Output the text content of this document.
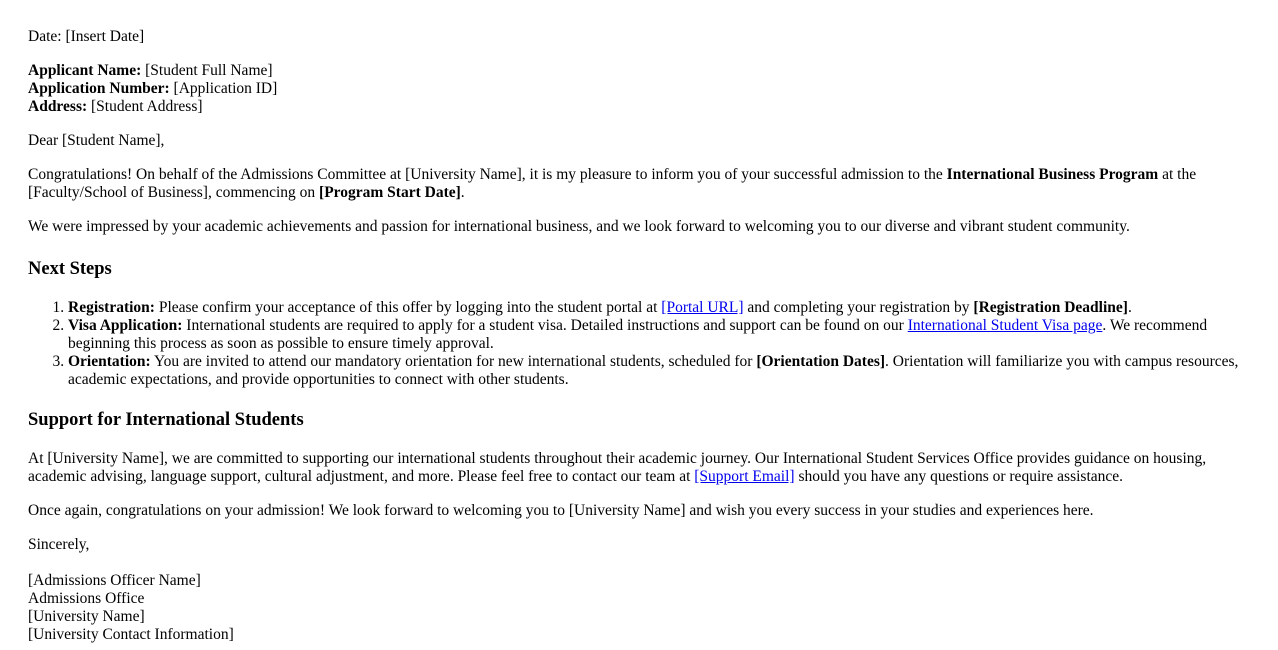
Date: [Insert Date]

Applicant Name: [Student Full Name]
Application Number: [Application ID]
Address: [Student Address]

Dear [Student Name],

Congratulations! On behalf of the Admissions Committee at [University Name], it is my pleasure to inform you of your successful admission to the International Business Program at the [Faculty/School of Business], commencing on [Program Start Date].

We were impressed by your academic achievements and passion for international business, and we look forward to welcoming you to our diverse and vibrant student community.

Next Steps
1. Registration: Please confirm your acceptance of this offer by logging into the student portal at [Portal URL] and completing your registration by [Registration Deadline].
2. Visa Application: International students are required to apply for a student visa. Detailed instructions and support can be found on our International Student Visa page. We recommend beginning this process as soon as possible to ensure timely approval.
3. Orientation: You are invited to attend our mandatory orientation for new international students, scheduled for [Orientation Dates]. Orientation will familiarize you with campus resources, academic expectations, and provide opportunities to connect with other students.
Support for International Students

At [University Name], we are committed to supporting our international students throughout their academic journey. Our International Student Services Office provides guidance on housing, academic advising, language support, cultural adjustment, and more. Please feel free to contact our team at [Support Email] should you have any questions or require assistance.

Once again, congratulations on your admission! We look forward to welcoming you to [University Name] and wish you every success in your studies and experiences here.

Sincerely,

[Admissions Officer Name]
Admissions Office
[University Name]
[University Contact Information]
